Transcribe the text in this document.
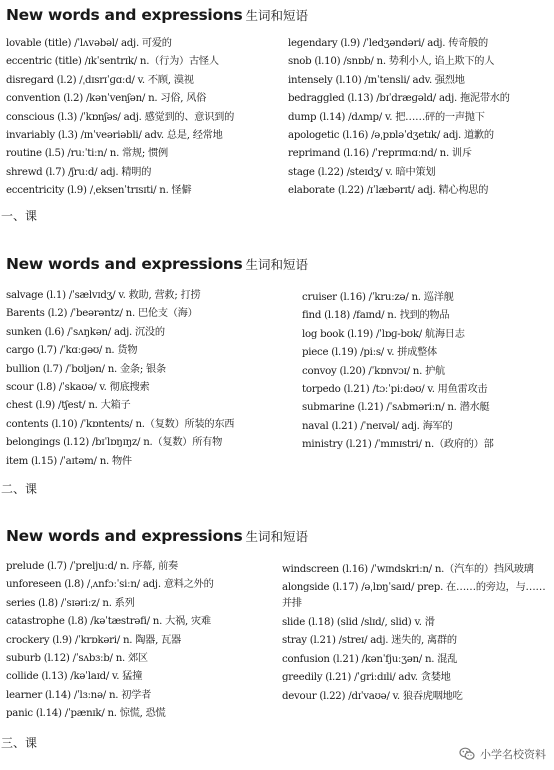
New words and expressions 生词和短语
lovable (title) /ˈlʌvəbəl/ adj. 可爱的
eccentric (title) /ɪkˈsentrɪk/ n.（行为）古怪人
disregard (l.2) /ˌdɪsrɪˈɡɑːd/ v. 不顾, 漠视
convention (l.2) /kənˈvenʃən/ n. 习俗, 风俗
conscious (l.3) /ˈkɒnʃəs/ adj. 感觉到的、意识到的
invariably (l.3) /ɪnˈveəriəbli/ adv. 总是, 经常地
routine (l.5) /ruːˈtiːn/ n. 常规; 惯例
shrewd (l.7) /ʃruːd/ adj. 精明的
eccentricity (l.9) /ˌeksenˈtrɪsɪti/ n. 怪僻
legendary (l.9) /ˈledʒəndəri/ adj. 传奇般的
snob (l.10) /snɒb/ n. 势利小人, 谄上欺下的人
intensely (l.10) /ɪnˈtensli/ adv. 强烈地
bedraggled (l.13) /bɪˈdræɡəld/ adj. 拖泥带水的
dump (l.14) /dʌmp/ v. 把……砰的一声抛下
apologetic (l.16) /əˌpɒləˈdʒetɪk/ adj. 道歉的
reprimand (l.16) /ˈreprɪmɑːnd/ n. 训斥
stage (l.22) /steɪdʒ/ v. 暗中策划
elaborate (l.22) /ɪˈlæbərɪt/ adj. 精心构思的
一、课
New words and expressions 生词和短语
salvage (l.1) /ˈsælvɪdʒ/ v. 救助, 营救; 打捞
Barents (l.2) /ˈbeərəntz/ n. 巴伦支（海）
sunken (l.6) /ˈsʌŋkən/ adj. 沉没的
cargo (l.7) /ˈkɑːɡəʊ/ n. 货物
bullion (l.7) /ˈbʊljən/ n. 金条; 银条
scour (l.8) /ˈskaʊə/ v. 彻底搜索
chest (l.9) /tʃest/ n. 大箱子
contents (l.10) /ˈkɒntents/ n.（复数）所装的东西
belongings (l.12) /bɪˈlɒŋɪŋz/ n.（复数）所有物
item (l.15) /ˈaɪtəm/ n. 物件
cruiser (l.16) /ˈkruːzə/ n. 巡洋舰
find (l.18) /faɪnd/ n. 找到的物品
log book (l.19) /ˈlɒɡ-bʊk/ 航海日志
piece (l.19) /piːs/ v. 拼成整体
convoy (l.20) /ˈkɒnvɔɪ/ n. 护航
torpedo (l.21) /tɔːˈpiːdəʊ/ v. 用鱼雷攻击
submarine (l.21) /ˈsʌbməriːn/ n. 潜水艇
naval (l.21) /ˈneɪvəl/ adj. 海军的
ministry (l.21) /ˈmɪnɪstri/ n.（政府的）部
二、课
New words and expressions 生词和短语
prelude (l.7) /ˈpreljuːd/ n. 序幕, 前奏
unforeseen (l.8) /ˌʌnfɔːˈsiːn/ adj. 意料之外的
series (l.8) /ˈsɪəriːz/ n. 系列
catastrophe (l.8) /kəˈtæstrəfi/ n. 大祸, 灾难
crockery (l.9) /ˈkrɒkəri/ n. 陶器, 瓦器
suburb (l.12) /ˈsʌbɜːb/ n. 郊区
collide (l.13) /kəˈlaɪd/ v. 猛撞
learner (l.14) /ˈlɜːnə/ n. 初学者
panic (l.14) /ˈpænɪk/ n. 惊慌, 恐慌
windscreen (l.16) /ˈwɪndskriːn/ n.（汽车的）挡风玻璃
alongside (l.17) /əˌlɒŋˈsaɪd/ prep. 在……的旁边，与……并排
slide (l.18) (slid /slɪd/, slid) v. 滑
stray (l.21) /streɪ/ adj. 迷失的, 离群的
confusion (l.21) /kənˈfjuːʒən/ n. 混乱
greedily (l.21) /ˈɡriːdɪli/ adv. 贪婪地
devour (l.22) /dɪˈvaʊə/ v. 狼吞虎咽地吃
三、课
小学名校资料
